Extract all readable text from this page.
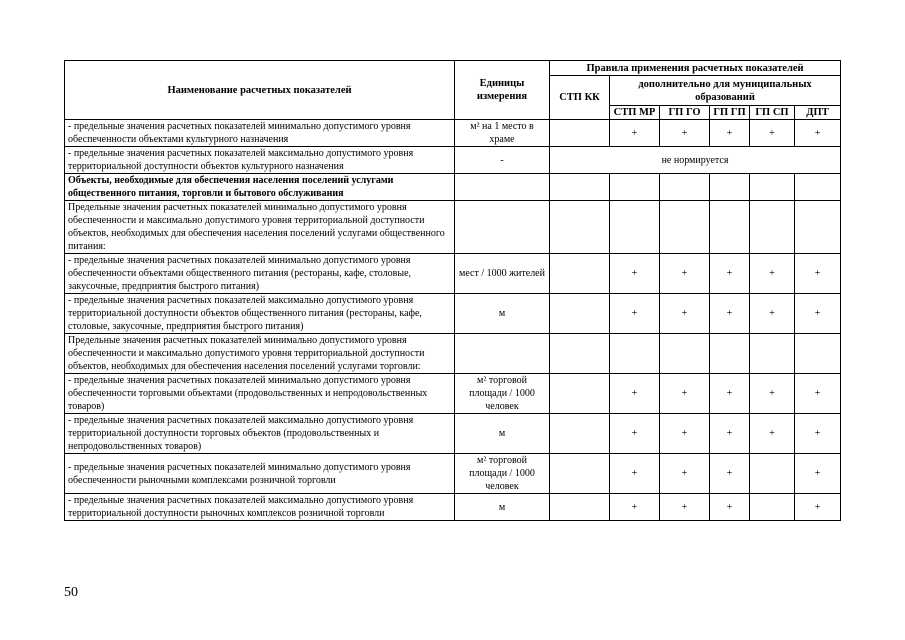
Наименование расчетных показателей	Единицы измерения	Правила применения расчетных показателей					
		СТП КК	дополнительно для муниципальных образований				
			СТП МР	ГП ГО	ГП ГП	ГП СП	ДПТ
- предельные значения расчетных показателей минимально допустимого уровня обеспеченности объектами культурного назначения	м² на 1 место в храме		+	+	+	+	+
- предельные значения расчетных показателей максимально допустимого уровня территориальной доступности объектов культурного назначения	-	не нормируется					
Объекты, необходимые для обеспечения населения поселений услугами общественного питания, торговли и бытового обслуживания							
Предельные значения расчетных показателей минимально допустимого уровня обеспеченности и максимально допустимого уровня территориальной доступности объектов, необходимых для обеспечения населения поселений услугами общественного питания:							
- предельные значения расчетных показателей минимально допустимого уровня обеспеченности объектами общественного питания (рестораны, кафе, столовые, закусочные, предприятия быстрого питания)	мест / 1000 жителей		+	+	+	+	+
- предельные значения расчетных показателей максимально допустимого уровня территориальной доступности объектов общественного питания (рестораны, кафе, столовые, закусочные, предприятия быстрого питания)	м		+	+	+	+	+
Предельные значения расчетных показателей минимально допустимого уровня обеспеченности и максимально допустимого уровня территориальной доступности объектов, необходимых для обеспечения населения поселений услугами торговли:							
- предельные значения расчетных показателей минимально допустимого уровня обеспеченности торговыми объектами (продовольственных и непродовольственных товаров)	м² торговой площади / 1000 человек		+	+	+	+	+
- предельные значения расчетных показателей максимально допустимого уровня территориальной доступности торговых объектов (продовольственных и непродовольственных товаров)	м		+	+	+	+	+
- предельные значения расчетных показателей минимально допустимого уровня обеспеченности рыночными комплексами розничной торговли	м² торговой площади / 1000 человек		+	+	+		+
- предельные значения расчетных показателей максимально допустимого уровня территориальной доступности рыночных комплексов розничной торговли	м		+	+	+		+
50
